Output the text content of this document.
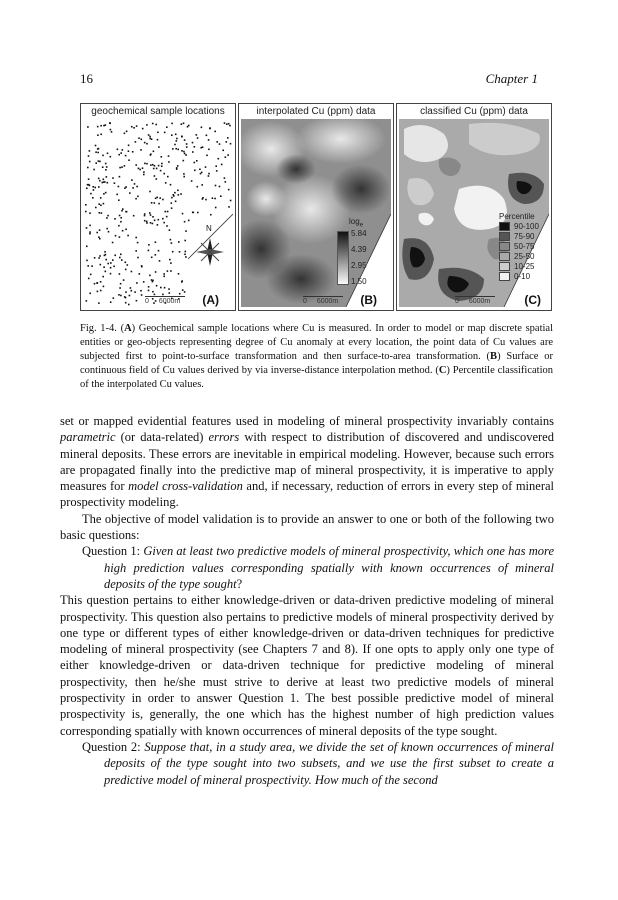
16	Chapter 1
geochemical sample locations
N
0 6000m	(A)
interpolated Cu (ppm) data
$\log_e$
5.84
4.39
2.95
1.50
0 6000m	(B)
classified Cu (ppm) data
Percentile
90-100
75-90
50-75
25-50
10-25
0-10
0 6000m	(C)
Fig. 1-4. (A) Geochemical sample locations where Cu is measured. In order to model or map discrete spatial entities or geo-objects representing degree of Cu anomaly at every location, the point data of Cu values are subjected first to point-to-surface transformation and then surface-to-area transformation. (B) Surface or continuous field of Cu values derived by via inverse-distance interpolation method. (C) Percentile classification of the interpolated Cu values.

set or mapped evidential features used in modeling of mineral prospectivity invariably contains parametric (or data-related) errors with respect to distribution of discovered and undiscovered mineral deposits. These errors are inevitable in empirical modeling. However, because such errors are propagated finally into the predictive map of mineral prospectivity, it is imperative to apply measures for model cross-validation and, if necessary, reduction of errors in every step of mineral prospectivity modeling.

The objective of model validation is to provide an answer to one or both of the following two basic questions:

Question 1: Given at least two predictive models of mineral prospectivity, which one has more high prediction values corresponding spatially with known occurrences of mineral deposits of the type sought?

This question pertains to either knowledge-driven or data-driven predictive modeling of mineral prospectivity. This question also pertains to predictive models of mineral prospectivity derived by one type or different types of either knowledge-driven or data-driven techniques for predictive modeling of mineral prospectivity (see Chapters 7 and 8). If one opts to apply only one type of either knowledge-driven or data-driven technique for predictive modeling of mineral prospectivity, then he/she must strive to derive at least two predictive models of mineral prospectivity in order to answer Question 1. The best possible predictive model of mineral prospectivity is, generally, the one which has the highest number of high prediction values corresponding spatially with known occurrences of mineral deposits of the type sought.

Question 2: Suppose that, in a study area, we divide the set of known occurrences of mineral deposits of the type sought into two subsets, and we use the first subset to create a predictive model of mineral prospectivity. How much of the second
